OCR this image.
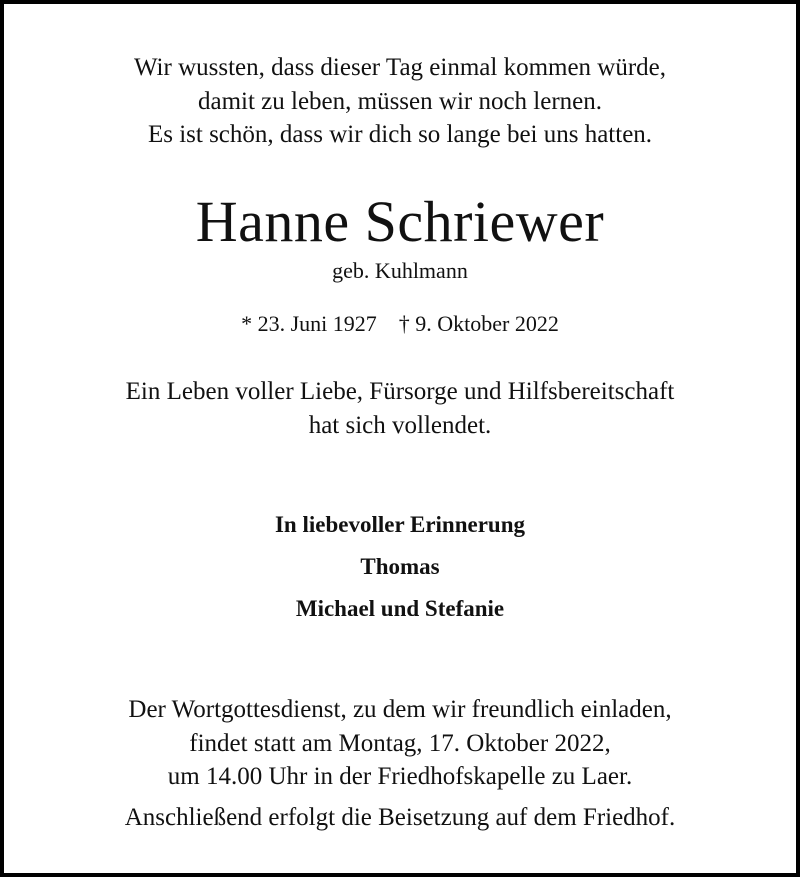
Wir wussten, dass dieser Tag einmal kommen würde,
damit zu leben, müssen wir noch lernen.
Es ist schön, dass wir dich so lange bei uns hatten.
Hanne Schriewer
geb. Kuhlmann
* 23. Juni 1927 † 9. Oktober 2022
Ein Leben voller Liebe, Fürsorge und Hilfsbereitschaft
hat sich vollendet.
In liebevoller Erinnerung
Thomas
Michael und Stefanie
Der Wortgottesdienst, zu dem wir freundlich einladen,
findet statt am Montag, 17. Oktober 2022,
um 14.00 Uhr in der Friedhofskapelle zu Laer.
Anschließend erfolgt die Beisetzung auf dem Friedhof.
